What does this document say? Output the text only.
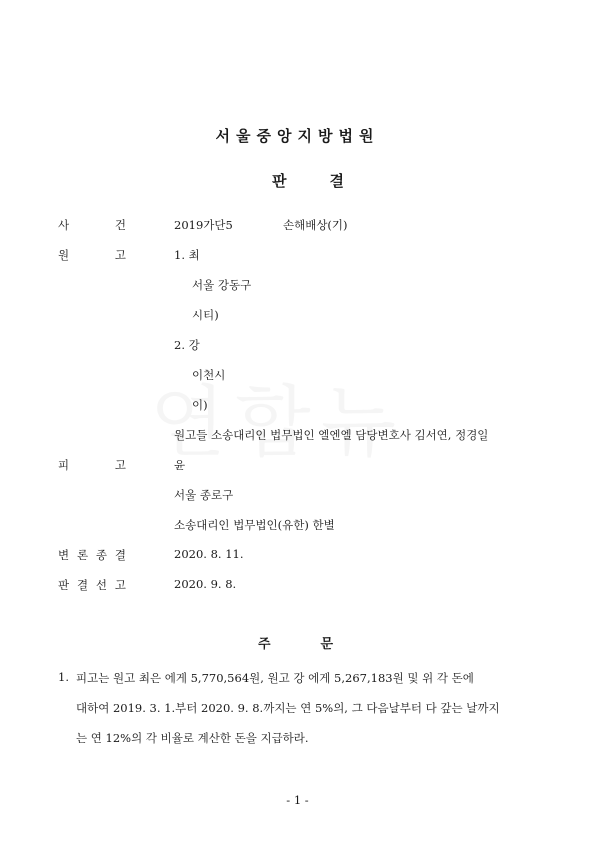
서울중앙지방법원
판	결
사	건	2019가단5	손해배상(기)
원	고	1. 최
서울 강동구
시티)
2. 강
이천시
이)
원고들 소송대리인 법무법인 엘엔엘 담당변호사 김서연, 정경일
피	고	윤
서울 종로구
소송대리인 법무법인(유한) 한별
변 론 종 결	2020. 8. 11.
판 결 선 고	2020. 9. 8.
주	문
1. 피고는 원고 최은 에게 5,770,564원, 원고 강 에게 5,267,183원 및 위 각 돈에
대하여 2019. 3. 1.부터 2020. 9. 8.까지는 연 5%의, 그 다음날부터 다 갚는 날까지
는 연 12%의 각 비율로 계산한 돈을 지급하라.
- 1 -
